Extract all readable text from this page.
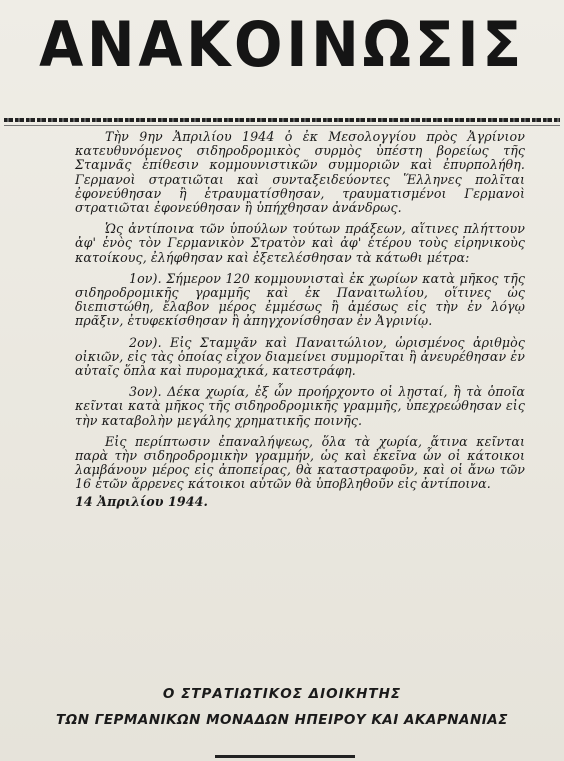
ΑΝΑΚΟΙΝΩΣΙΣ

Τὴν 9ην Ἀπριλίου 1944 ὁ ἐκ Μεσολογγίου πρὸς Ἀγρίνιον κατευθυνόμενος σιδηροδρομικὸς συρμὸς ὑπέστη βορείως τῆς Σταμνᾶς ἐπίθεσιν κομμουνιστικῶν συμμοριῶν καὶ ἐπυρπολήθη. Γερμανοὶ στρατιῶται καὶ συνταξειδεύοντες Ἕλληνες πολῖται ἐφονεύθησαν ἢ ἐτραυματίσθησαν, τραυματισμένοι Γερμανοὶ στρατιῶται ἐφονεύθησαν ἢ ὑπήχθησαν ἀνάνδρως.

Ὡς ἀντίποινα τῶν ὑπούλων τούτων πράξεων, αἵτινες πλήττουν ἀφ' ἑνὸς τὸν Γερμανικὸν Στρατὸν καὶ ἀφ' ἑτέρου τοὺς εἰρηνικοὺς κατοίκους, ἐλήφθησαν καὶ ἐξετελέσθησαν τὰ κάτωθι μέτρα:

1ον). Σήμερον 120 κομμουνισταὶ ἐκ χωρίων κατὰ μῆκος τῆς σιδηροδρομικῆς γραμμῆς καὶ ἐκ Παναιτωλίου, οἵτινες ὡς διεπιστώθη, ἔλαβον μέρος ἐμμέσως ἢ ἀμέσως εἰς τὴν ἐν λόγῳ πρᾶξιν, ἐτυφεκίσθησαν ἢ ἀπηγχονίσθησαν ἐν Ἀγρινίῳ.

2ον). Εἰς Σταμνᾶν καὶ Παναιτώλιον, ὡρισμένος ἀριθμὸς οἰκιῶν, εἰς τὰς ὁποίας εἶχον διαμείνει συμμορῖται ἢ ἀνευρέθησαν ἐν αὐταῖς ὅπλα καὶ πυρομαχικά, κατεστράφη.

3ον). Δέκα χωρία, ἐξ ὧν προήρχοντο οἱ λῃσταί, ἢ τὰ ὁποῖα κεῖνται κατὰ μῆκος τῆς σιδηροδρομικῆς γραμμῆς, ὑπεχρεώθησαν εἰς τὴν καταβολὴν μεγάλης χρηματικῆς ποινῆς.

Εἰς περίπτωσιν ἐπαναλήψεως, ὅλα τὰ χωρία, ἅτινα κεῖνται παρὰ τὴν σιδηροδρομικὴν γραμμήν, ὡς καὶ ἐκεῖνα ὧν οἱ κάτοικοι λαμβάνουν μέρος εἰς ἀποπείρας, θὰ καταστραφοῦν, καὶ οἱ ἄνω τῶν 16 ἐτῶν ἄρρενες κάτοικοι αὐτῶν θὰ ὑποβληθοῦν εἰς ἀντίποινα.

14 Ἀπριλίου 1944.

Ο ΣΤΡΑΤΙΩΤΙΚΟΣ ΔΙΟΙΚΗΤΗΣ
ΤΩΝ ΓΕΡΜΑΝΙΚΩΝ ΜΟΝΑΔΩΝ ΗΠΕΙΡΟΥ ΚΑΙ ΑΚΑΡΝΑΝΙΑΣ
